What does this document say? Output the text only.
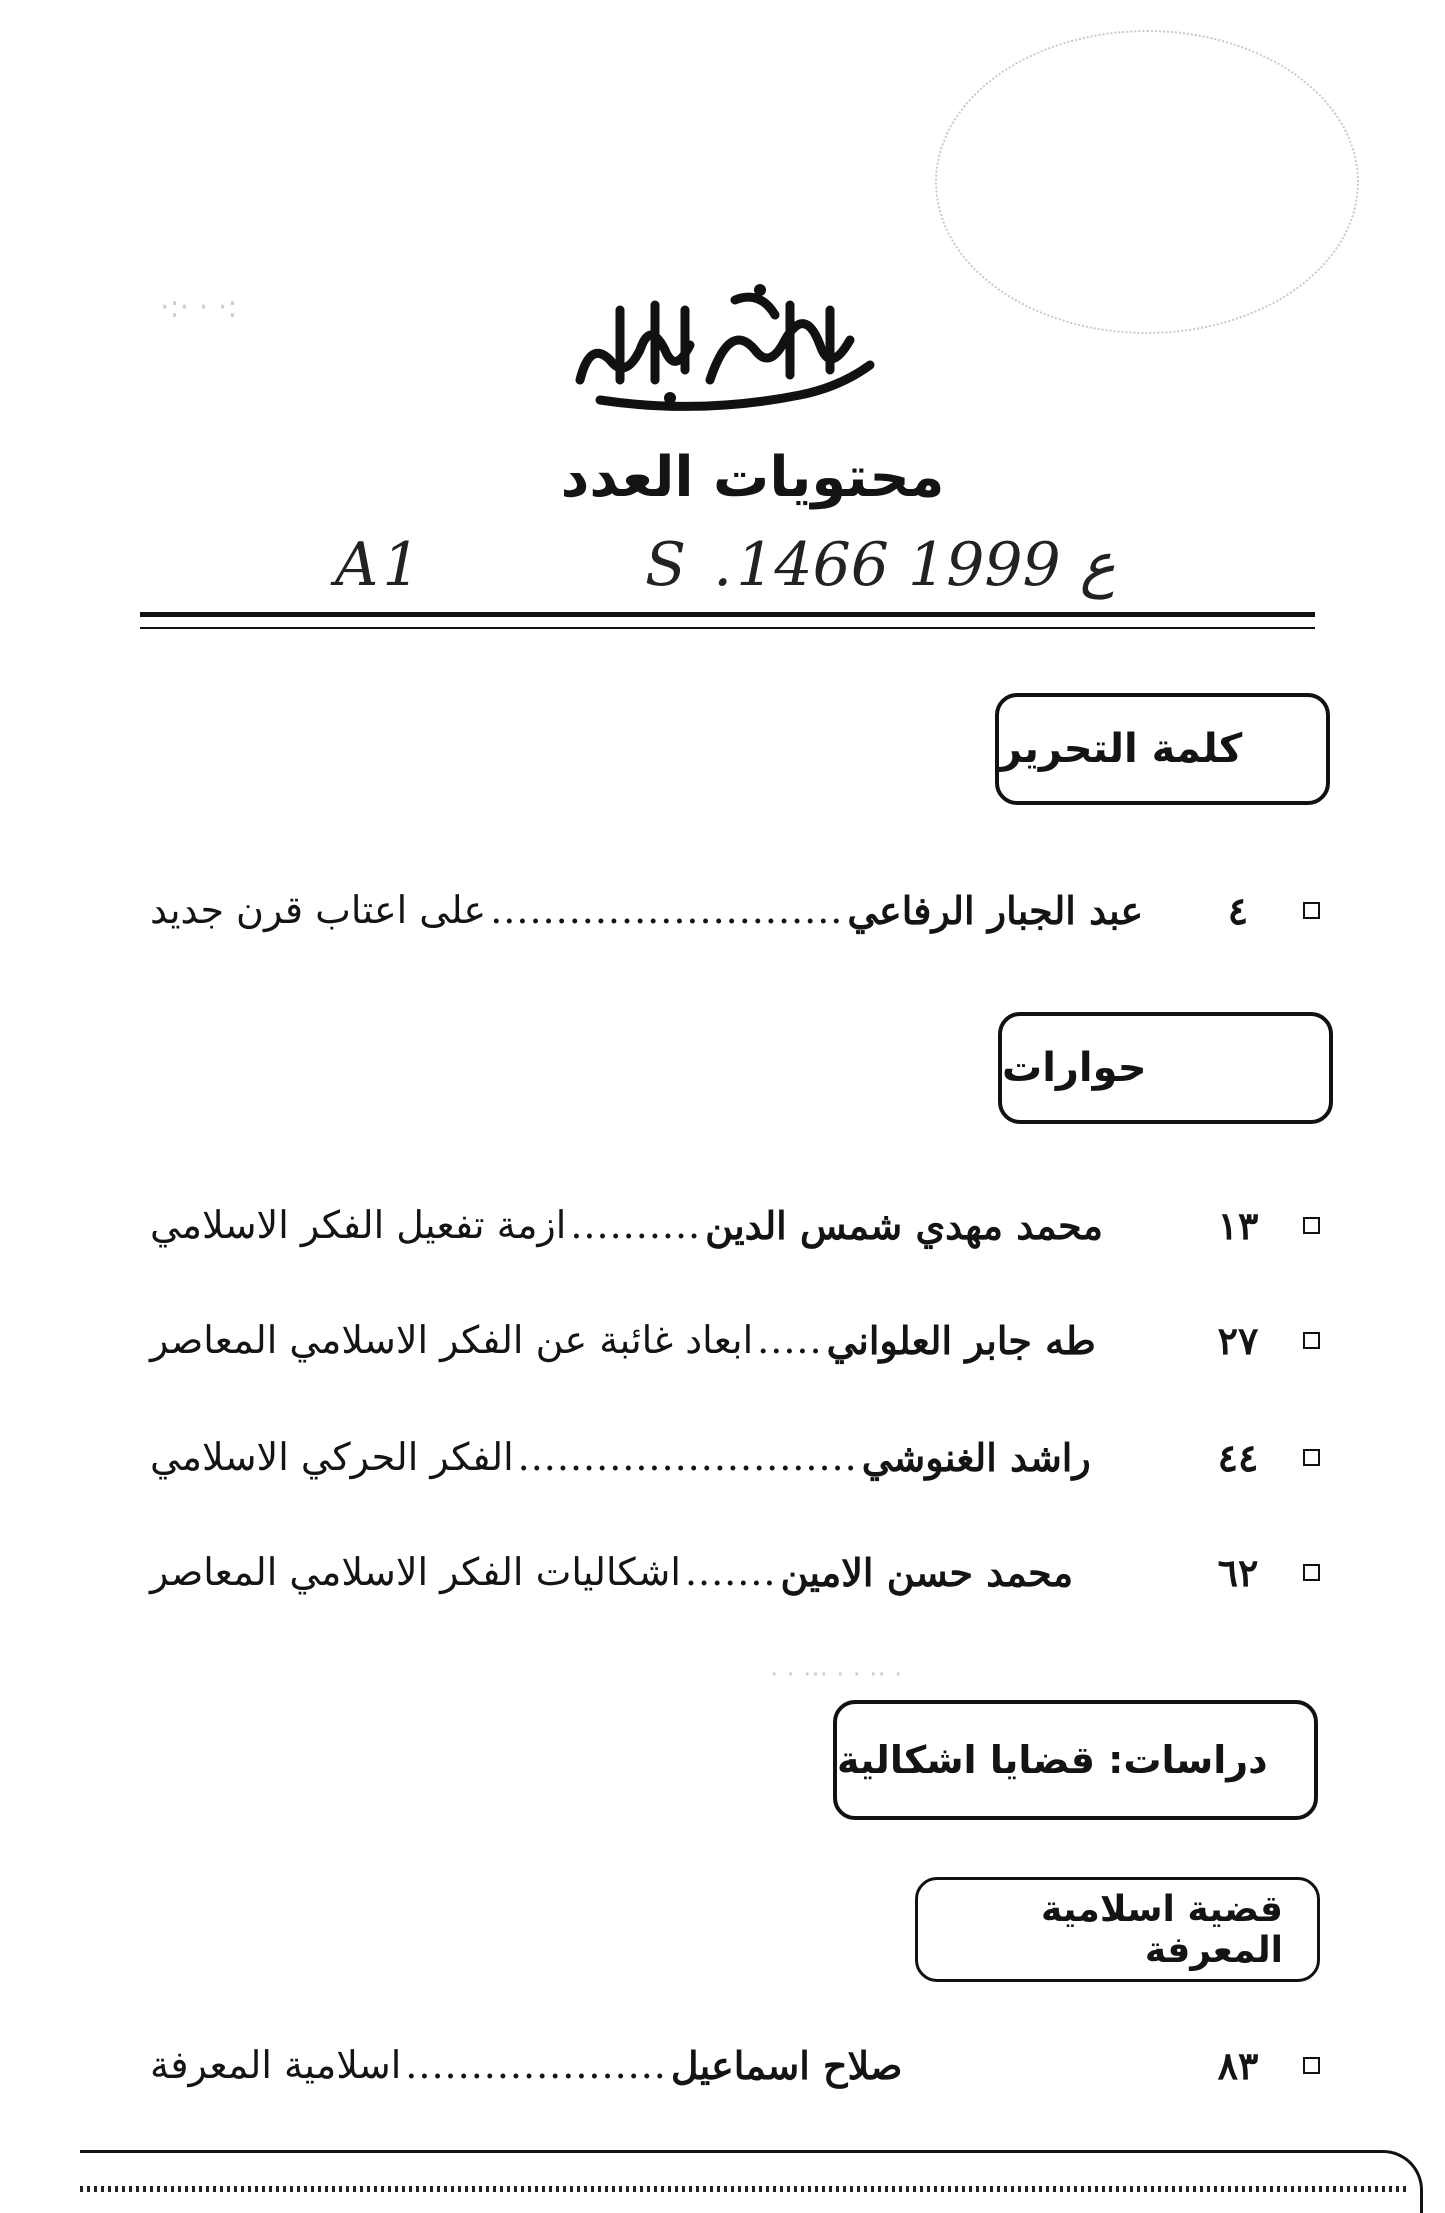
·:· · ·:
محتويات العدد
A1	S .ع 1999 1466
كلمة التحرير
على اعتاب قرن جديد ........................... عبد الجبار الرفاعي	٤
حوارات
ازمة تفعيل الفكر الاسلامي .......... محمد مهدي شمس الدين	١٣
ابعاد غائبة عن الفكر الاسلامي المعاصر ..... طه جابر العلواني	٢٧
الفكر الحركي الاسلامي .......................... راشد الغنوشي	٤٤
اشكاليات الفكر الاسلامي المعاصر ....... محمد حسن الامين	٦٢
· · ··· · · ·· ·
دراسات: قضايا اشكالية
قضية اسلامية المعرفة
اسلامية المعرفة .................... صلاح اسماعيل	٨٣
